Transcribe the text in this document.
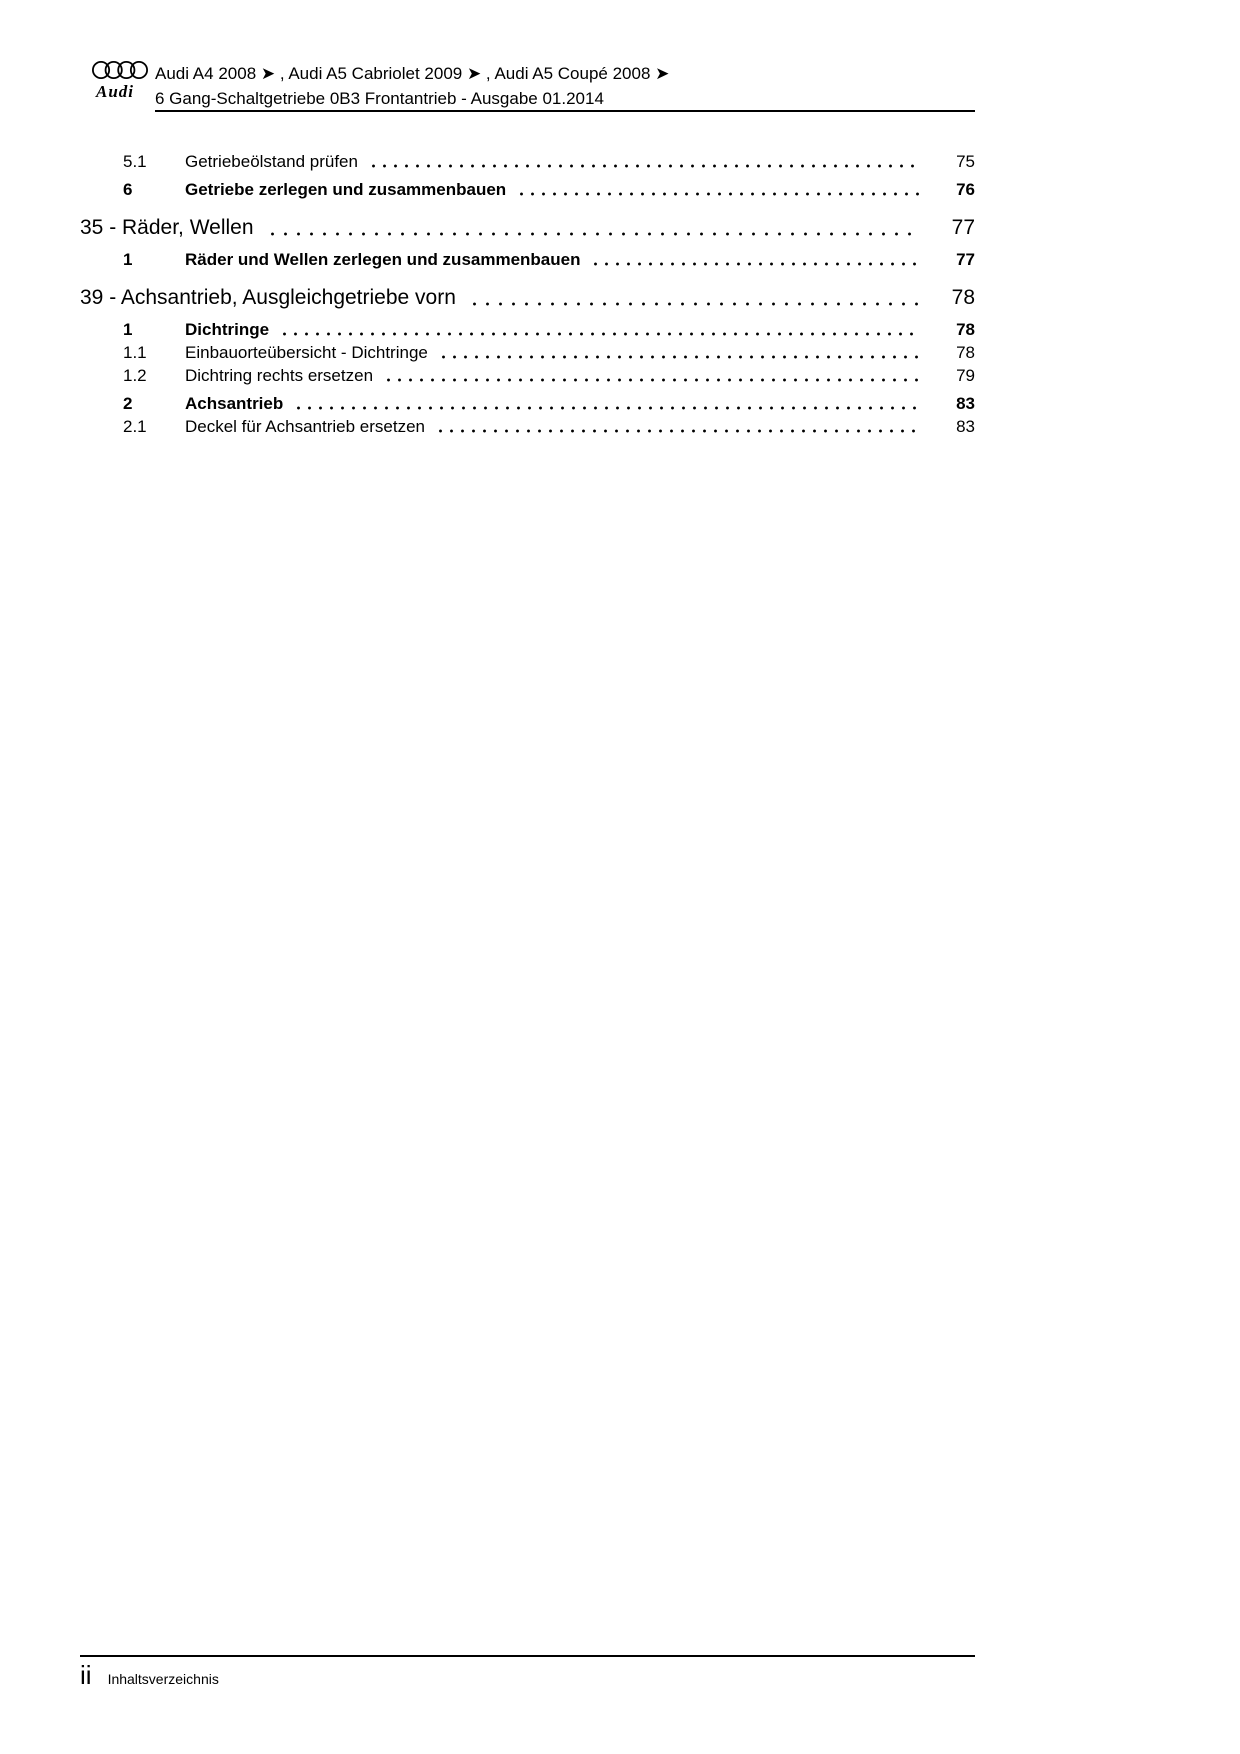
Audi
Audi A4 2008 ➤ , Audi A5 Cabriolet 2009 ➤ , Audi A5 Coupé 2008 ➤
6 Gang-Schaltgetriebe 0B3 Frontantrieb - Ausgabe 01.2014
5.1	Getriebeölstand prüfen	75
6	Getriebe zerlegen und zusammenbauen	76
35 - Räder, Wellen	77
1	Räder und Wellen zerlegen und zusammenbauen	77
39 - Achsantrieb, Ausgleichgetriebe vorn	78
1	Dichtringe	78
1.1	Einbauorteübersicht - Dichtringe	78
1.2	Dichtring rechts ersetzen	79
2	Achsantrieb	83
2.1	Deckel für Achsantrieb ersetzen	83
ii Inhaltsverzeichnis
